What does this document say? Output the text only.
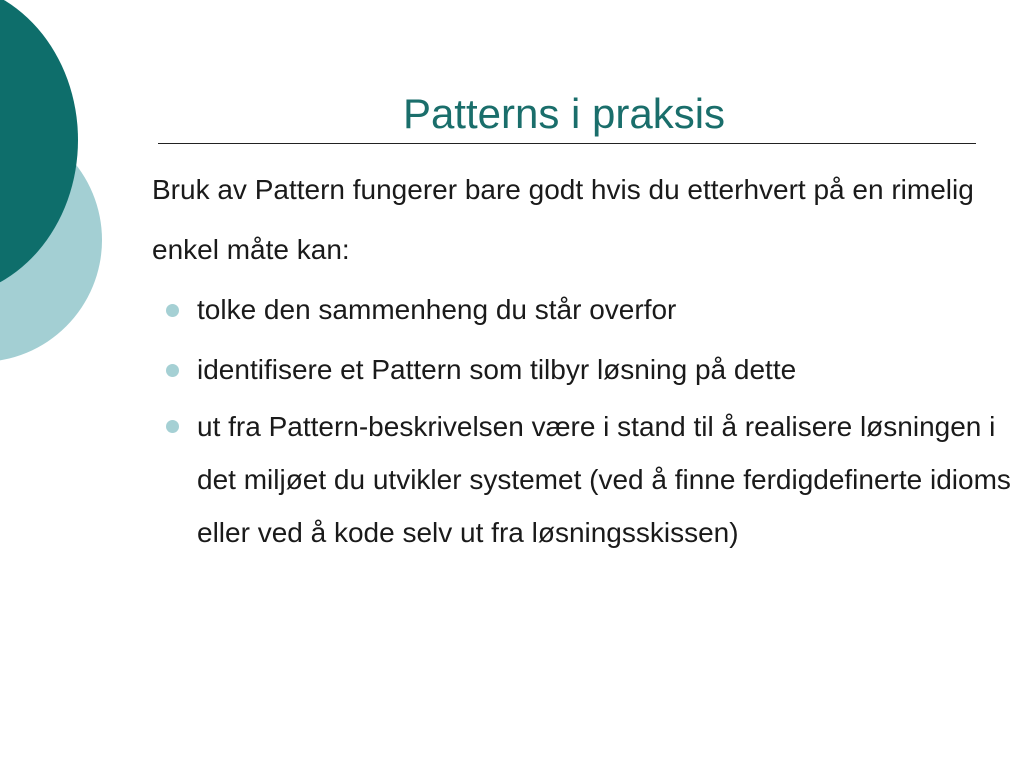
Patterns i praksis

Bruk av Pattern fungerer bare godt hvis du etterhvert på en rimelig enkel måte kan:

tolke den sammenheng du står overfor
identifisere et Pattern som tilbyr løsning på dette
ut fra Pattern-beskrivelsen være i stand til å realisere løsningen i det miljøet du utvikler systemet (ved å finne ferdigdefinerte idioms eller ved å kode selv ut fra løsningsskissen)
